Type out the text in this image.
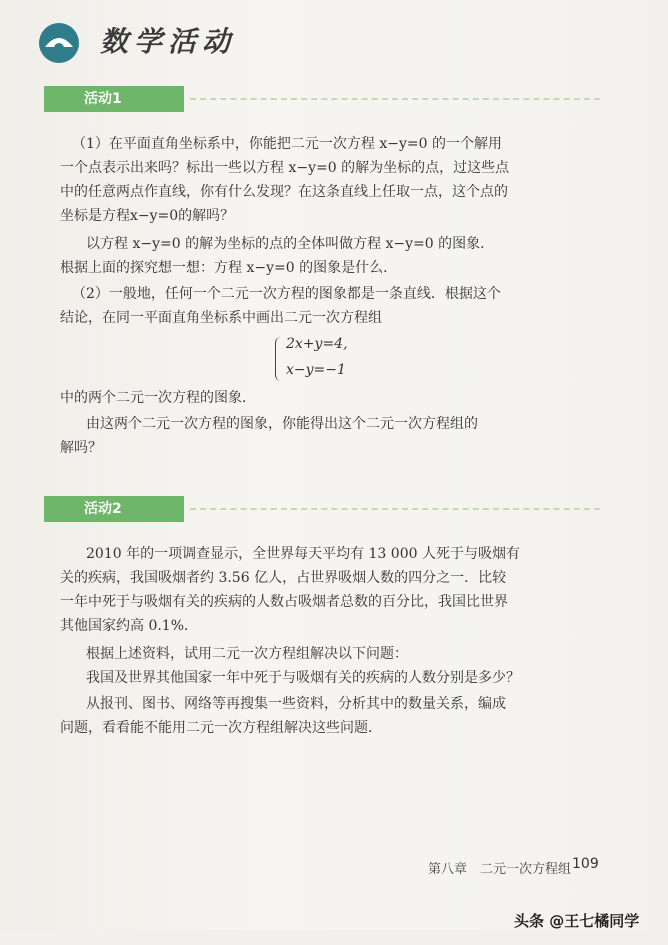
数学活动
活动1
（1）在平面直角坐标系中，你能把二元一次方程 x−y=0 的一个解用
一个点表示出来吗？标出一些以方程 x−y=0 的解为坐标的点，过这些点
中的任意两点作直线，你有什么发现？在这条直线上任取一点，这个点的
坐标是方程x−y=0的解吗？
以方程 x−y=0 的解为坐标的点的全体叫做方程 x−y=0 的图象．
根据上面的探究想一想：方程 x−y=0 的图象是什么．
（2）一般地，任何一个二元一次方程的图象都是一条直线．根据这个
结论，在同一平面直角坐标系中画出二元一次方程组
2x+y=4,
x−y=−1
中的两个二元一次方程的图象．
由这两个二元一次方程的图象，你能得出这个二元一次方程组的
解吗？
活动2
2010 年的一项调查显示，全世界每天平均有 13 000 人死于与吸烟有
关的疾病，我国吸烟者约 3.56 亿人，占世界吸烟人数的四分之一．比较
一年中死于与吸烟有关的疾病的人数占吸烟者总数的百分比，我国比世界
其他国家约高 0.1%．
根据上述资料，试用二元一次方程组解决以下问题：
我国及世界其他国家一年中死于与吸烟有关的疾病的人数分别是多少？
从报刊、图书、网络等再搜集一些资料，分析其中的数量关系，编成
问题，看看能不能用二元一次方程组解决这些问题．
第八章　二元一次方程组 109
头条 @王七橘同学
